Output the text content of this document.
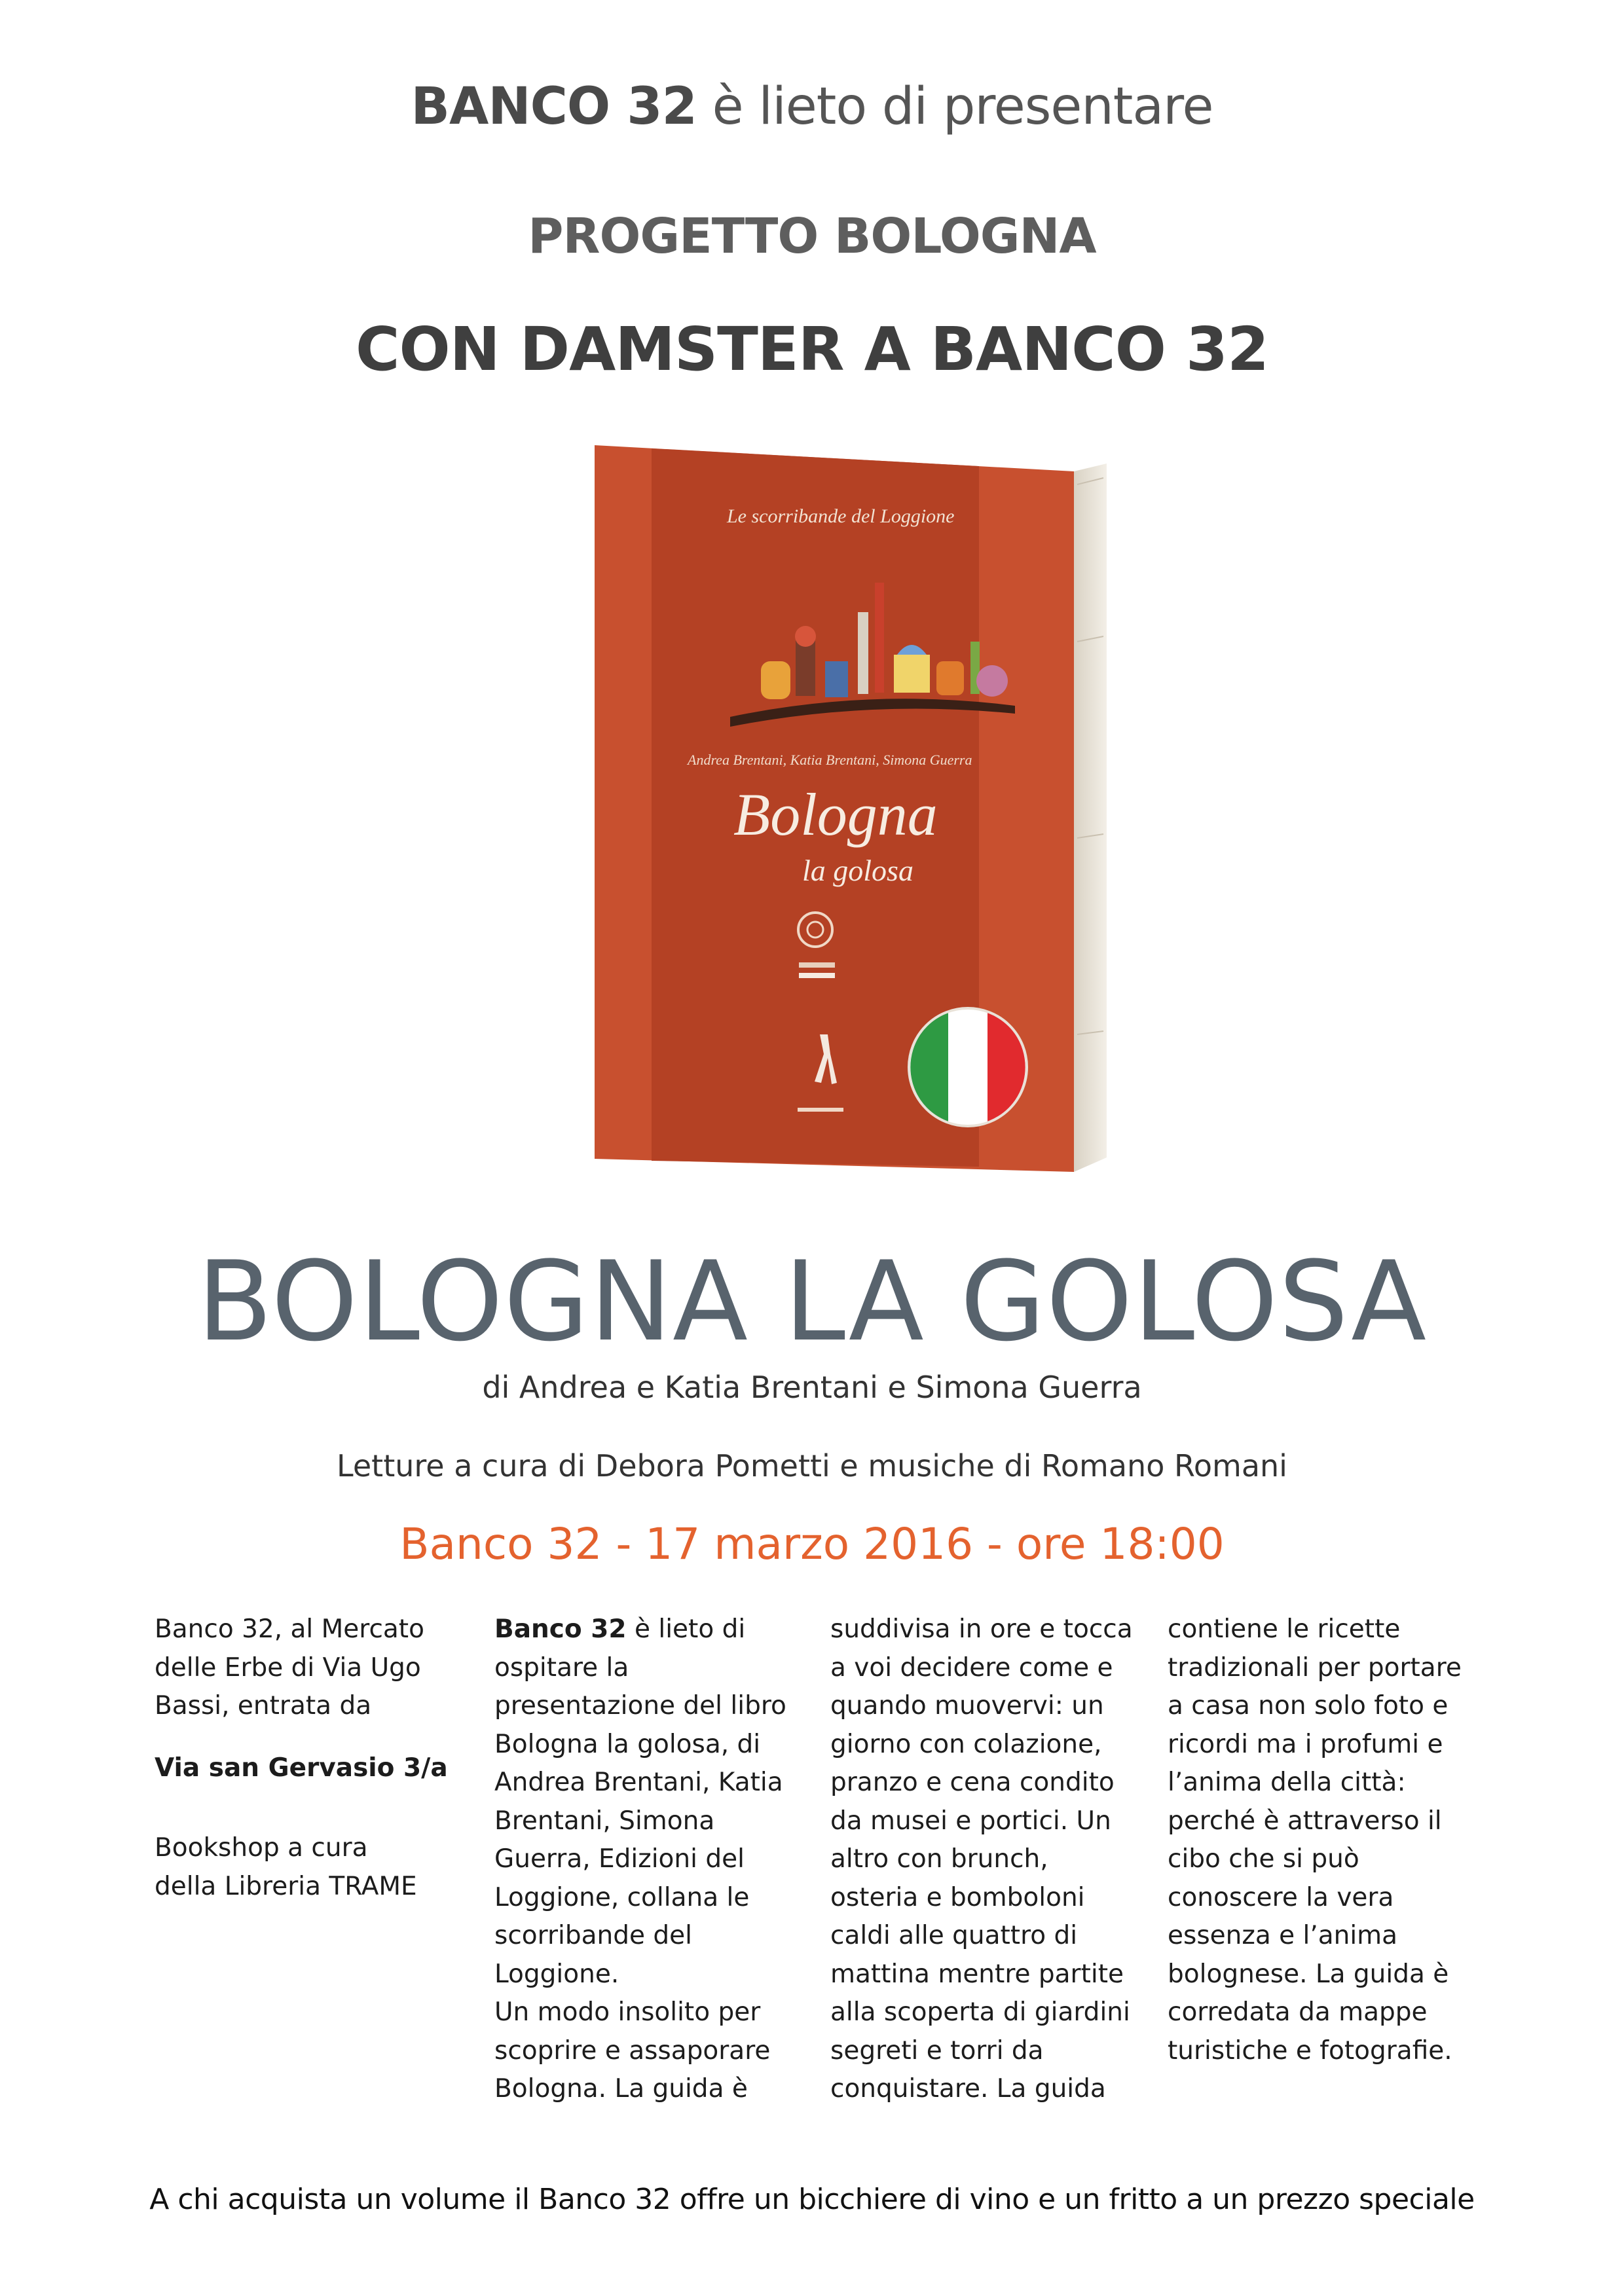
BANCO 32 è lieto di presentare
PROGETTO BOLOGNA
CON DAMSTER A BANCO 32
Le scorribande del Loggione
Andrea Brentani, Katia Brentani, Simona Guerra
Bologna
la golosa
BOLOGNA LA GOLOSA
di Andrea e Katia Brentani e Simona Guerra
Letture a cura di Debora Pometti e musiche di Romano Romani
Banco 32 - 17 marzo 2016 - ore 18:00

Banco 32, al Mercato

delle Erbe di Via Ugo

Bassi, entrata da

Via san Gervasio 3/a

Bookshop a cura

della Libreria TRAME

Banco 32 è lieto di

ospitare la

presentazione del libro

Bologna la golosa, di

Andrea Brentani, Katia

Brentani, Simona

Guerra, Edizioni del

Loggione, collana le

scorribande del

Loggione.

Un modo insolito per

scoprire e assaporare

Bologna. La guida è

suddivisa in ore e tocca

a voi decidere come e

quando muovervi: un

giorno con colazione,

pranzo e cena condito

da musei e portici. Un

altro con brunch,

osteria e bomboloni

caldi alle quattro di

mattina mentre partite

alla scoperta di giardini

segreti e torri da

conquistare. La guida

contiene le ricette

tradizionali per portare

a casa non solo foto e

ricordi ma i profumi e

l’anima della città:

perché è attraverso il

cibo che si può

conoscere la vera

essenza e l’anima

bolognese. La guida è

corredata da mappe

turistiche e fotografie.

A chi acquista un volume il Banco 32 offre un bicchiere di vino e un fritto a un prezzo speciale
